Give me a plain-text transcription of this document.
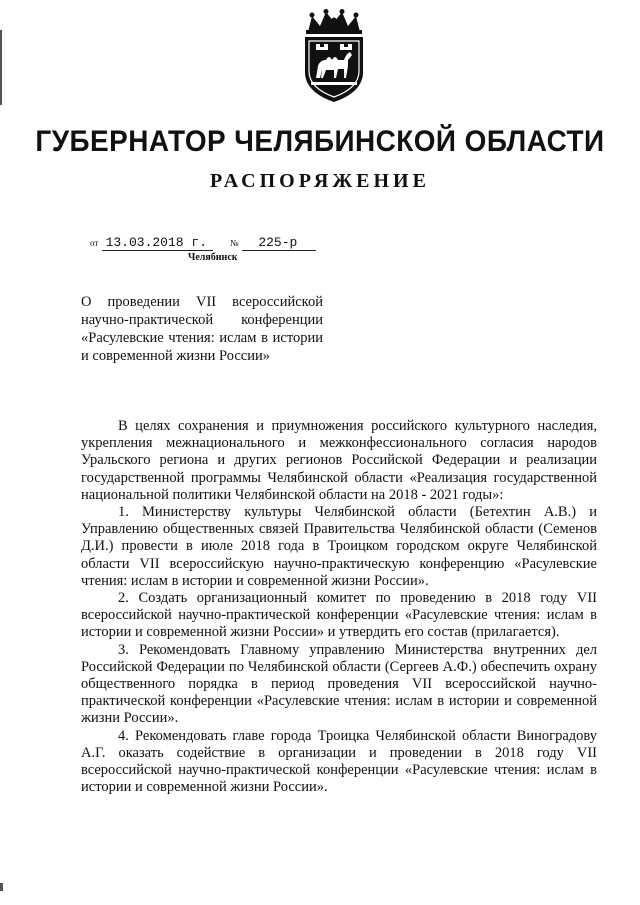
ГУБЕРНАТОР ЧЕЛЯБИНСКОЙ ОБЛАСТИ
РАСПОРЯЖЕНИЕ
от 13.03.2018 г.	№ 225-р
Челябинск
О проведении VII всероссийской научно-практической конференции «Расулевские чтения: ислам в истории и современной жизни России»

В целях сохранения и приумножения российского культурного наследия, укрепления межнационального и межконфессионального согласия народов Уральского региона и других регионов Российской Федерации и реализации государственной программы Челябинской области «Реализация государственной национальной политики Челябинской области на 2018 - 2021 годы»:

1. Министерству культуры Челябинской области (Бетехтин А.В.) и Управлению общественных связей Правительства Челябинской области (Семенов Д.И.) провести в июле 2018 года в Троицком городском округе Челябинской области VII всероссийскую научно-практическую конференцию «Расулевские чтения: ислам в истории и современной жизни России».

2. Создать организационный комитет по проведению в 2018 году VII всероссийской научно-практической конференции «Расулевские чтения: ислам в истории и современной жизни России» и утвердить его состав (прилагается).

3. Рекомендовать Главному управлению Министерства внутренних дел Российской Федерации по Челябинской области (Сергеев А.Ф.) обеспечить охрану общественного порядка в период проведения VII всероссийской научно-практической конференции «Расулевские чтения: ислам в истории и современной жизни России».

4. Рекомендовать главе города Троицка Челябинской области Виноградову А.Г. оказать содействие в организации и проведении в 2018 году VII всероссийской научно-практической конференции «Расулевские чтения: ислам в истории и современной жизни России».
